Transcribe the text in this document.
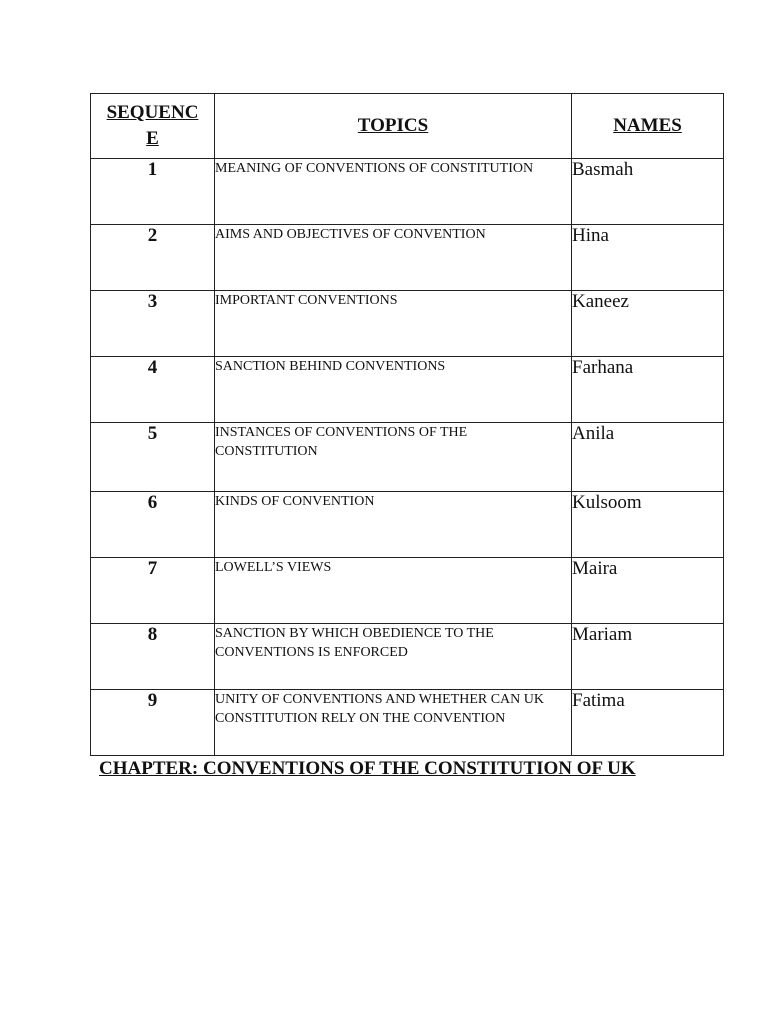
SEQUENCE	TOPICS	NAMES
1	MEANING OF CONVENTIONS OF CONSTITUTION	Basmah
2	AIMS AND OBJECTIVES OF CONVENTION	Hina
3	IMPORTANT CONVENTIONS	Kaneez
4	SANCTION BEHIND CONVENTIONS	Farhana
5	INSTANCES OF CONVENTIONS OF THE CONSTITUTION	Anila
6	KINDS OF CONVENTION	Kulsoom
7	LOWELL’S VIEWS	Maira
8	SANCTION BY WHICH OBEDIENCE TO THE CONVENTIONS IS ENFORCED	Mariam
9	UNITY OF CONVENTIONS AND WHETHER CAN UK CONSTITUTION RELY ON THE CONVENTION	Fatima
CHAPTER: CONVENTIONS OF THE CONSTITUTION OF UK
